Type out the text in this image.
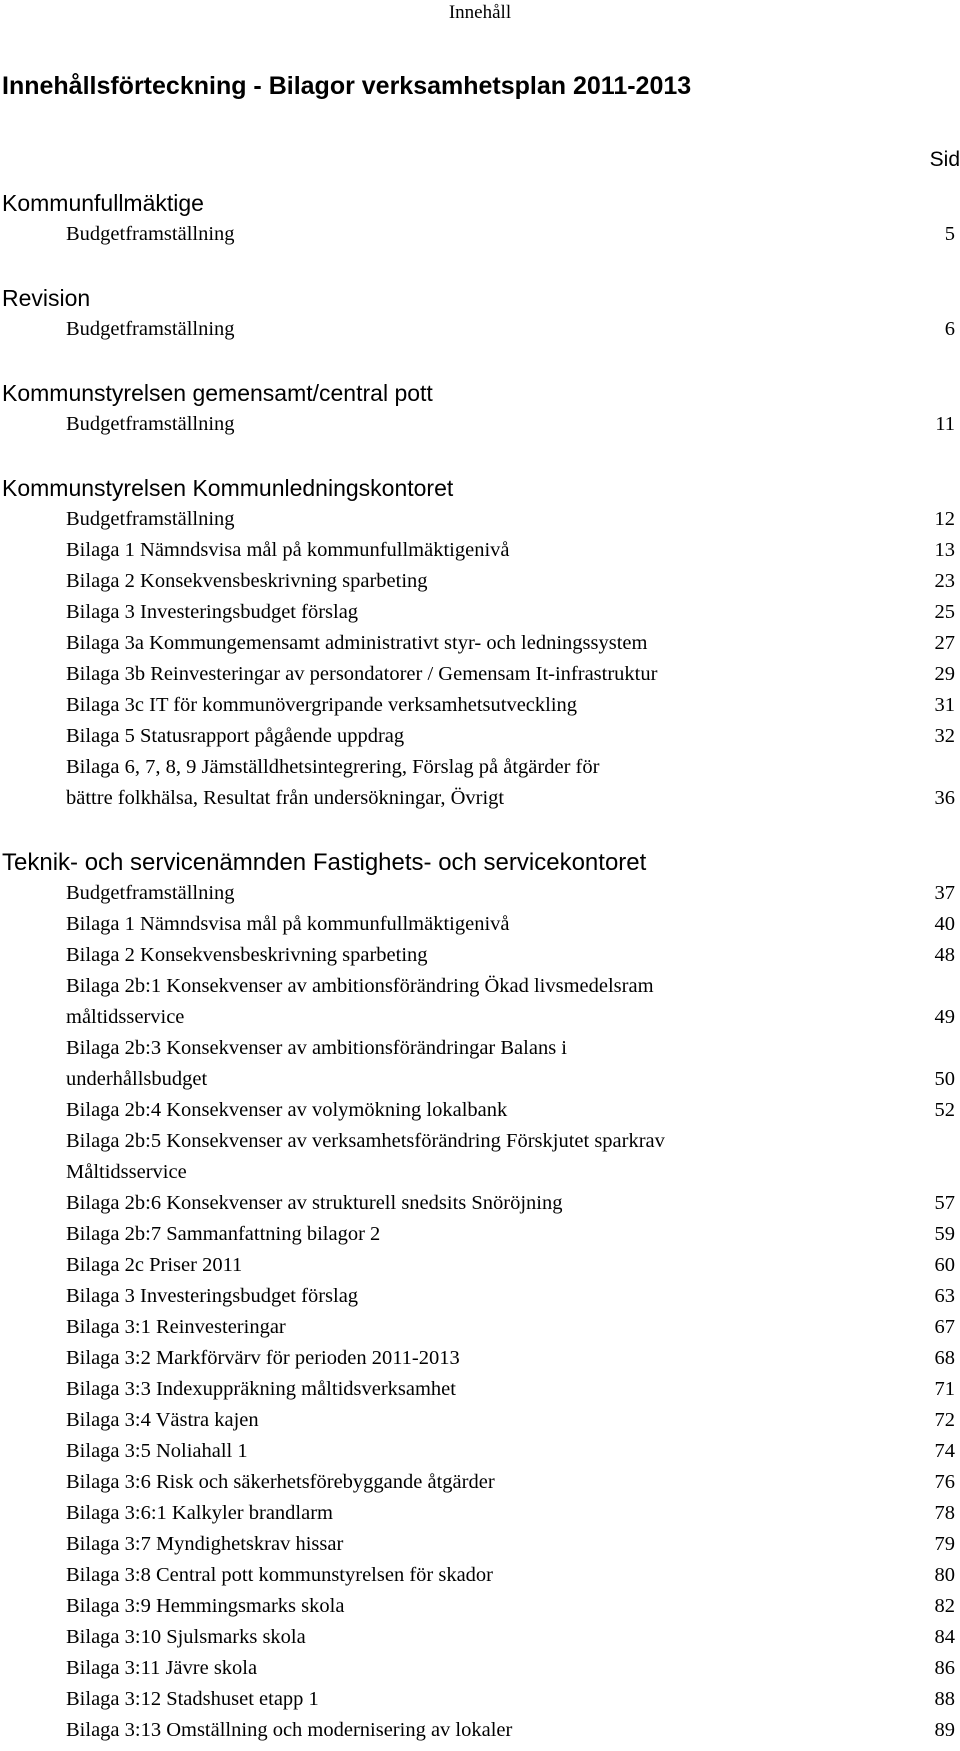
Innehåll
Innehållsförteckning - Bilagor verksamhetsplan 2011-2013
Sid
Kommunfullmäktige
Budgetframställning	5
Revision
Budgetframställning	6
Kommunstyrelsen gemensamt/central pott
Budgetframställning	11
Kommunstyrelsen Kommunledningskontoret
Budgetframställning	12
Bilaga 1 Nämndsvisa mål på kommunfullmäktigenivå	13
Bilaga 2 Konsekvensbeskrivning sparbeting	23
Bilaga 3 Investeringsbudget förslag	25
Bilaga 3a Kommungemensamt administrativt styr- och ledningssystem	27
Bilaga 3b Reinvesteringar av persondatorer / Gemensam It-infrastruktur	29
Bilaga 3c IT för kommunövergripande verksamhetsutveckling	31
Bilaga 5 Statusrapport pågående uppdrag	32
Bilaga 6, 7, 8, 9 Jämställdhetsintegrering, Förslag på åtgärder för
bättre folkhälsa, Resultat från undersökningar, Övrigt	36
Teknik- och servicenämnden Fastighets- och servicekontoret
Budgetframställning	37
Bilaga 1 Nämndsvisa mål på kommunfullmäktigenivå	40
Bilaga 2 Konsekvensbeskrivning sparbeting	48
Bilaga 2b:1 Konsekvenser av ambitionsförändring Ökad livsmedelsram
måltidsservice	49
Bilaga 2b:3 Konsekvenser av ambitionsförändringar Balans i
underhållsbudget	50
Bilaga 2b:4 Konsekvenser av volymökning lokalbank	52
Bilaga 2b:5 Konsekvenser av verksamhetsförändring Förskjutet sparkrav
Måltidsservice
Bilaga 2b:6 Konsekvenser av strukturell snedsits Snöröjning	57
Bilaga 2b:7 Sammanfattning bilagor 2	59
Bilaga 2c Priser 2011	60
Bilaga 3 Investeringsbudget förslag	63
Bilaga 3:1 Reinvesteringar	67
Bilaga 3:2 Markförvärv för perioden 2011-2013	68
Bilaga 3:3 Indexuppräkning måltidsverksamhet	71
Bilaga 3:4 Västra kajen	72
Bilaga 3:5 Noliahall 1	74
Bilaga 3:6 Risk och säkerhetsförebyggande åtgärder	76
Bilaga 3:6:1 Kalkyler brandlarm	78
Bilaga 3:7 Myndighetskrav hissar	79
Bilaga 3:8 Central pott kommunstyrelsen för skador	80
Bilaga 3:9 Hemmingsmarks skola	82
Bilaga 3:10 Sjulsmarks skola	84
Bilaga 3:11 Jävre skola	86
Bilaga 3:12 Stadshuset etapp 1	88
Bilaga 3:13 Omställning och modernisering av lokaler	89
